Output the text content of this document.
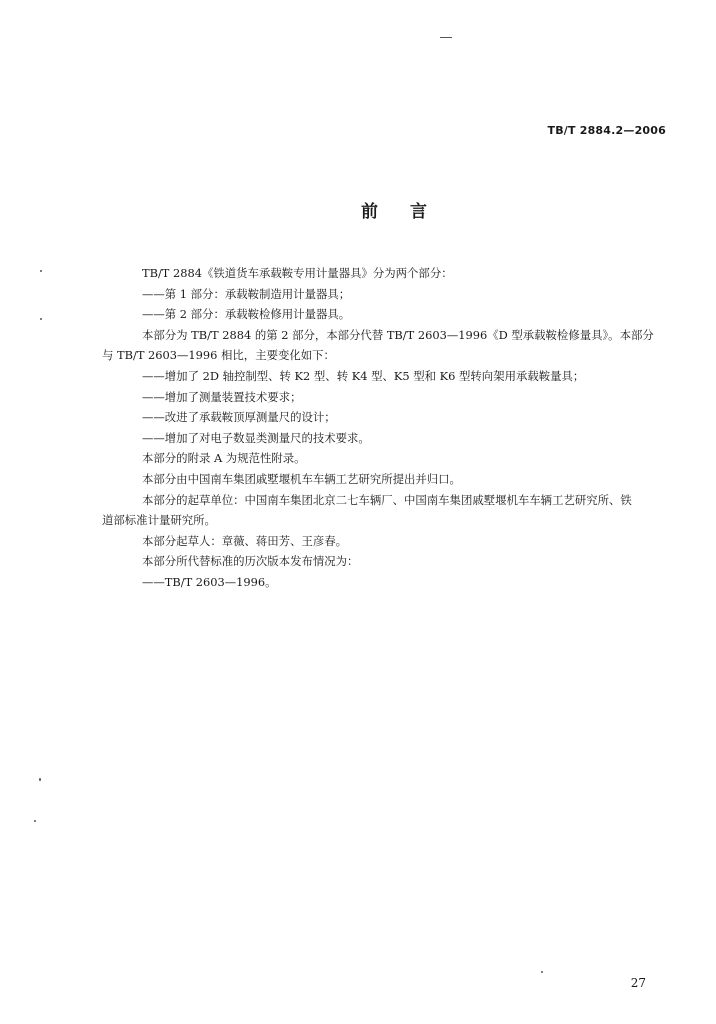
TB/T 2884.2—2006
前言

TB/T 2884《铁道货车承载鞍专用计量器具》分为两个部分：

——第 1 部分：承载鞍制造用计量器具；

——第 2 部分：承载鞍检修用计量器具。

本部分为 TB/T 2884 的第 2 部分，本部分代替 TB/T 2603—1996《D 型承载鞍检修量具》。本部分

与 TB/T 2603—1996 相比，主要变化如下：

——增加了 2D 轴控制型、转 K2 型、转 K4 型、K5 型和 K6 型转向架用承载鞍量具；

——增加了测量装置技术要求；

——改进了承载鞍顶厚测量尺的设计；

——增加了对电子数显类测量尺的技术要求。

本部分的附录 A 为规范性附录。

本部分由中国南车集团戚墅堰机车车辆工艺研究所提出并归口。

本部分的起草单位：中国南车集团北京二七车辆厂、中国南车集团戚墅堰机车车辆工艺研究所、铁

道部标准计量研究所。

本部分起草人：章薇、蒋田芳、王彦春。

本部分所代替标准的历次版本发布情况为：

——TB/T 2603—1996。

27
